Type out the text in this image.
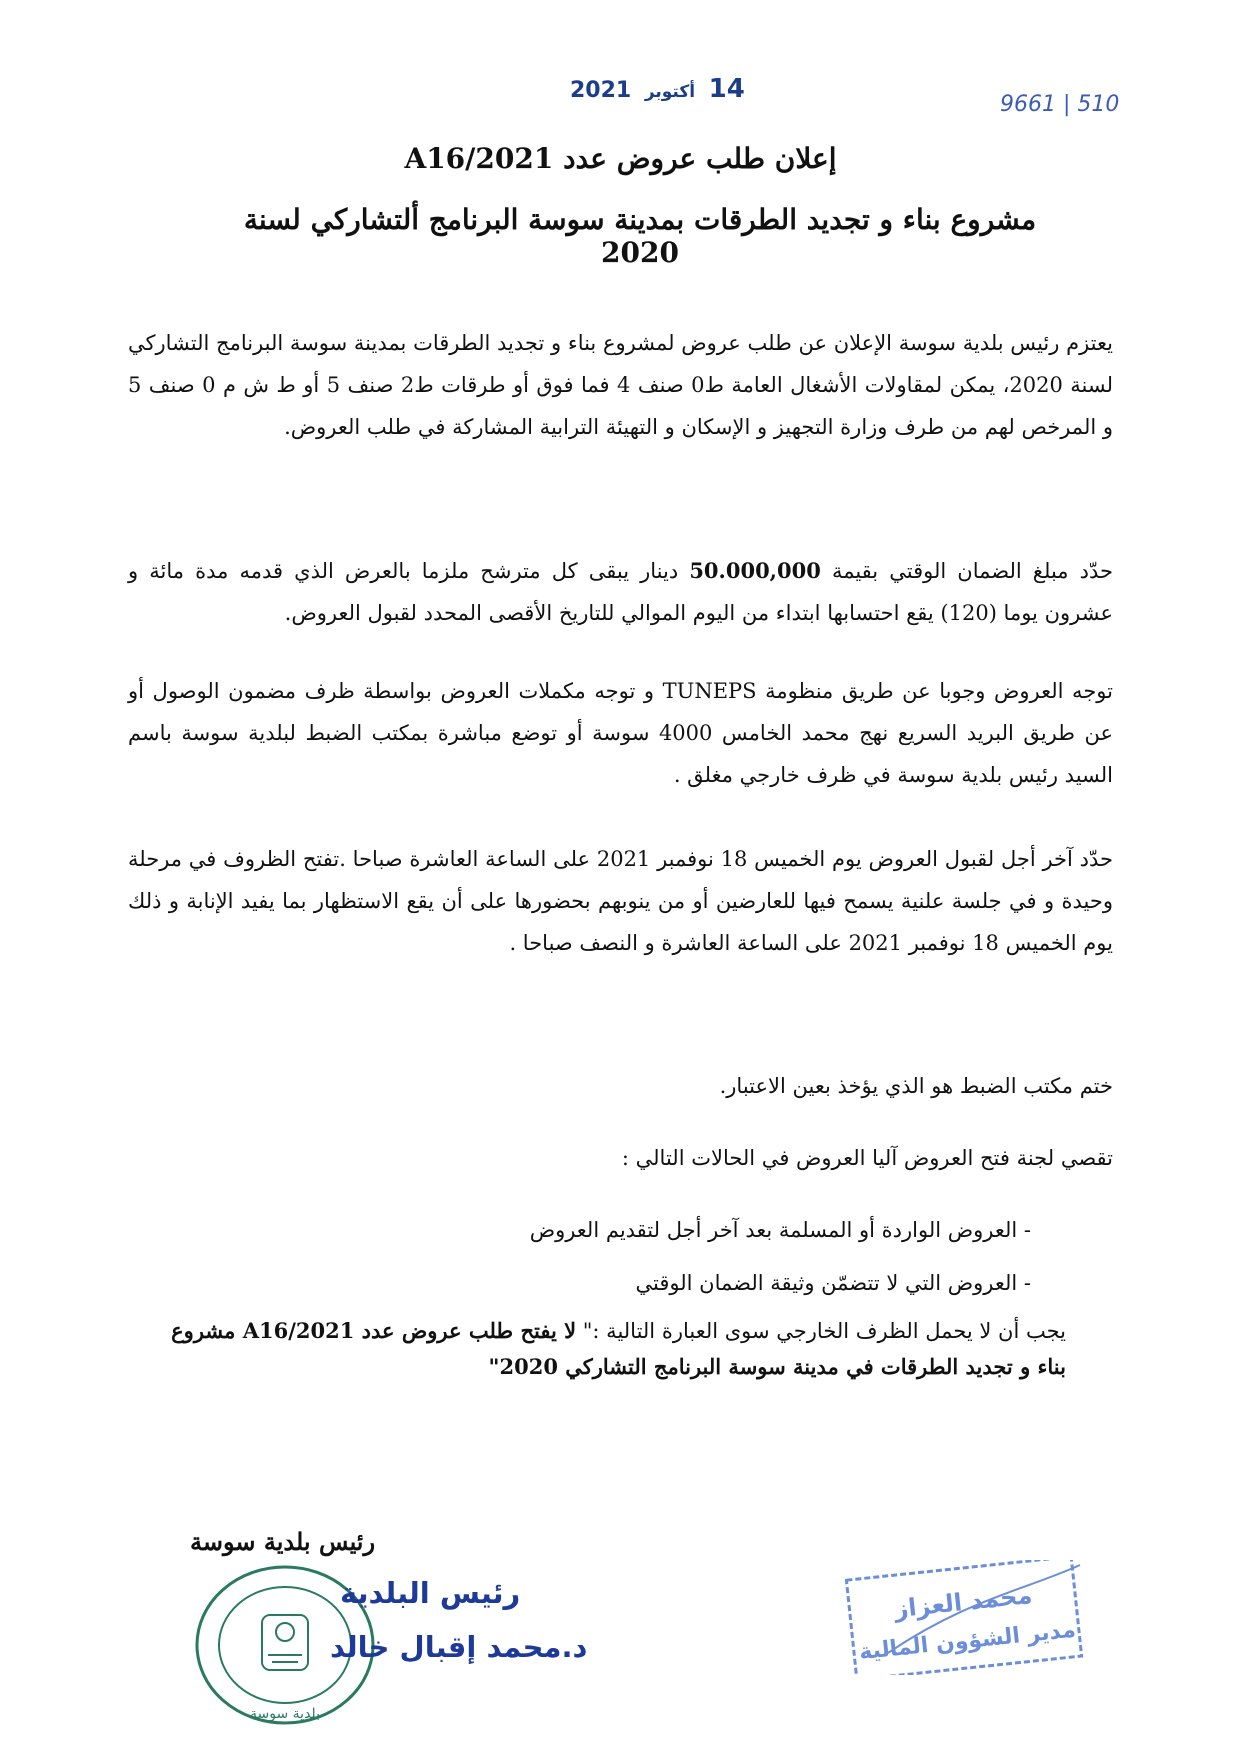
14 أكتوبر 2021
9661 | 510
إعلان طلب عروض عدد A16/2021
مشروع بناء و تجديد الطرقات بمدينة سوسة البرنامج ألتشاركي لسنة 2020
يعتزم رئيس بلدية سوسة الإعلان عن طلب عروض لمشروع بناء و تجديد الطرقات بمدينة سوسة البرنامج التشاركي لسنة 2020، يمكن لمقاولات الأشغال العامة ط0 صنف 4 فما فوق أو طرقات ط2 صنف 5 أو ط ش م 0 صنف 5 و المرخص لهم من طرف وزارة التجهيز و الإسكان و التهيئة الترابية المشاركة في طلب العروض.
حدّد مبلغ الضمان الوقتي بقيمة 50.000,000 دينار يبقى كل مترشح ملزما بالعرض الذي قدمه مدة مائة و عشرون يوما (120) يقع احتسابها ابتداء من اليوم الموالي للتاريخ الأقصى المحدد لقبول العروض.
توجه العروض وجوبا عن طريق منظومة TUNEPS و توجه مكملات العروض بواسطة ظرف مضمون الوصول أو عن طريق البريد السريع نهج محمد الخامس 4000 سوسة أو توضع مباشرة بمكتب الضبط لبلدية سوسة باسم السيد رئيس بلدية سوسة في ظرف خارجي مغلق .
حدّد آخر أجل لقبول العروض يوم الخميس 18 نوفمبر 2021 على الساعة العاشرة صباحا .تفتح الظروف في مرحلة وحيدة و في جلسة علنية يسمح فيها للعارضين أو من ينوبهم بحضورها على أن يقع الاستظهار بما يفيد الإنابة و ذلك يوم الخميس 18 نوفمبر 2021 على الساعة العاشرة و النصف صباحا .
ختم مكتب الضبط هو الذي يؤخذ بعين الاعتبار.
تقصي لجنة فتح العروض آليا العروض في الحالات التالي :
- العروض الواردة أو المسلمة بعد آخر أجل لتقديم العروض
- العروض التي لا تتضمّن وثيقة الضمان الوقتي
يجب أن لا يحمل الظرف الخارجي سوى العبارة التالية :" لا يفتح طلب عروض عدد A16/2021 مشروع بناء و تجديد الطرقات في مدينة سوسة البرنامج التشاركي 2020"
رئيس بلدية سوسة
بلدية سوسة
رئيس البلدية
د.محمد إقبال خالد
محمد العزاز
مدير الشؤون المالية
